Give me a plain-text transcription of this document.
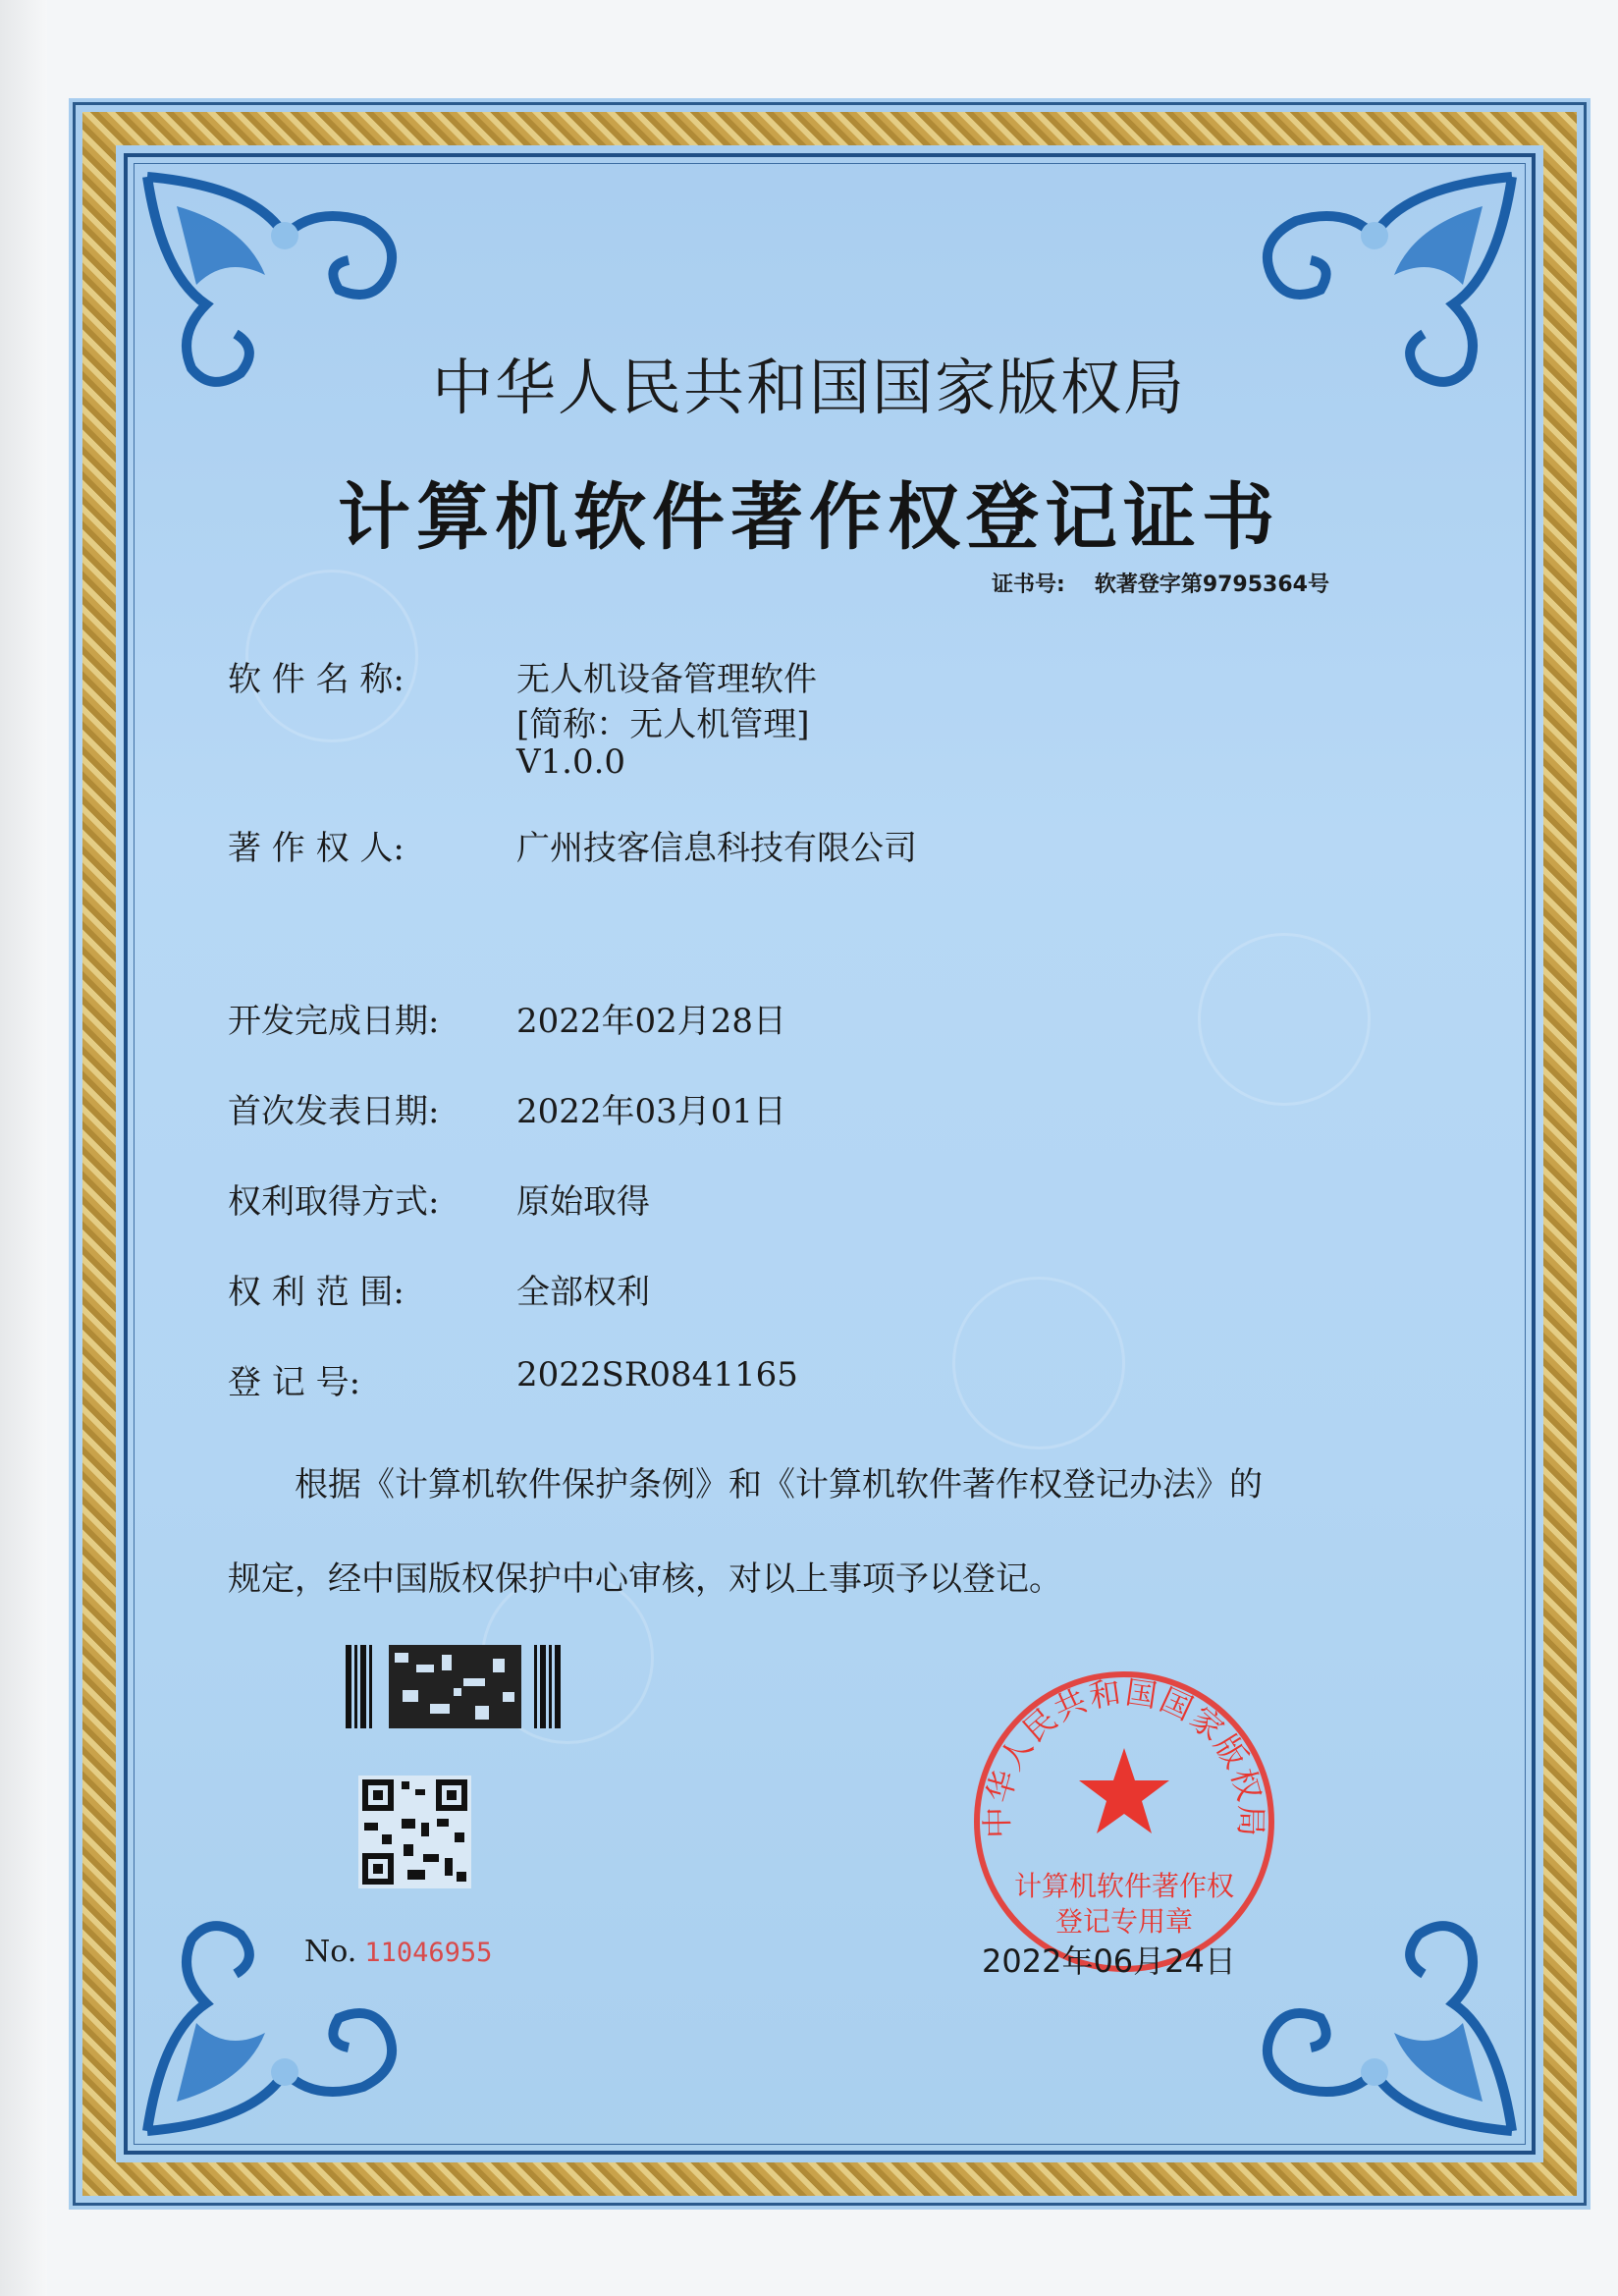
中华人民共和国国家版权局
计算机软件著作权登记证书
证书号: 软著登字第9795364号
软 件 名 称:	无人机设备管理软件
[简称：无人机管理]
V1.0.0
著 作 权 人:	广州技客信息科技有限公司
开发完成日期:	2022年02月28日
首次发表日期:	2022年03月01日
权利取得方式:	原始取得
权 利 范 围:	全部权利
登 记 号:	2022SR0841165
根据《计算机软件保护条例》和《计算机软件著作权登记办法》的
规定，经中国版权保护中心审核，对以上事项予以登记。
No. 11046955
中华人民共和国国家版权局
计算机软件著作权
登记专用章
2022年06月24日
